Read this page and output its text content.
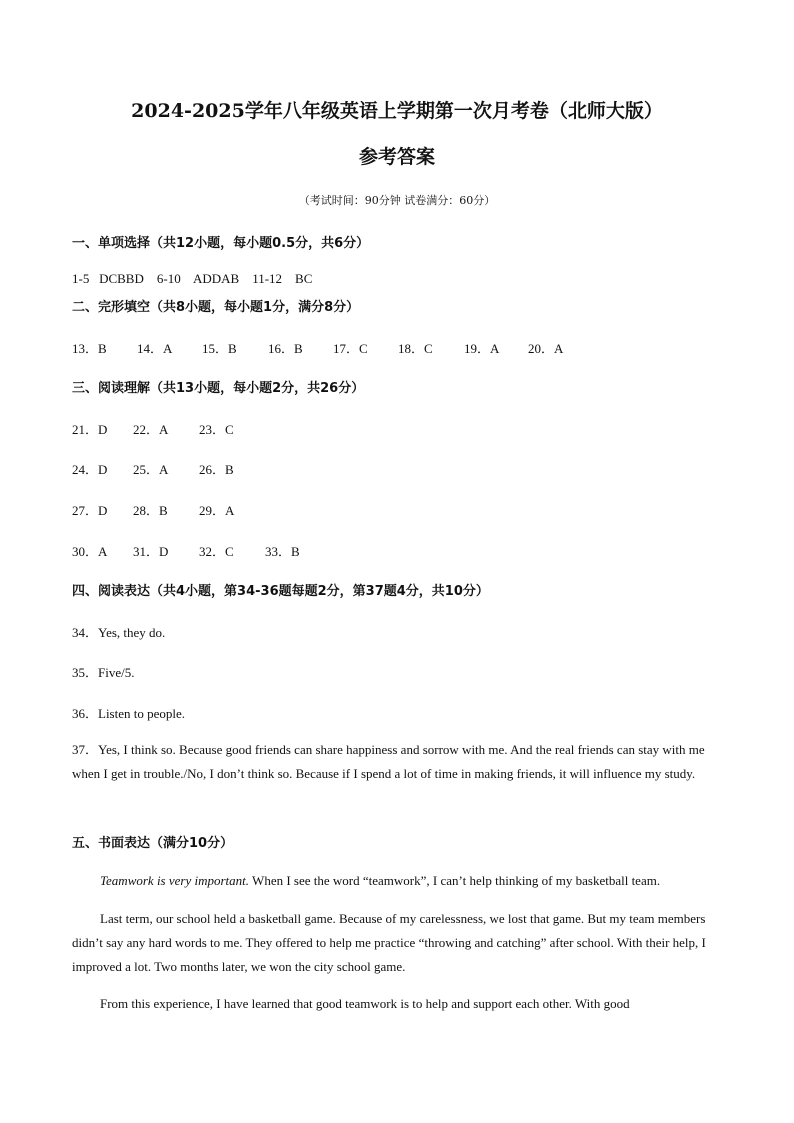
2024-2025学年八年级英语上学期第一次月考卷（北师大版）
参考答案
（考试时间：90分钟 试卷满分：60分）
一、单项选择（共12小题，每小题0.5分，共6分）
1-5   DCBBD    6-10    ADDAB    11-12    BC
二、完形填空（共8小题，每小题1分，满分8分）
13．B	14．A	15．B	16．B	17．C	18．C	19．A	20．A
三、阅读理解（共13小题，每小题2分，共26分）
21．D	22．A	23．C
24．D	25．A	26．B
27．D	28．B	29．A
30．A	31．D	32．C	33．B
四、阅读表达（共4小题，第34-36题每题2分，第37题4分，共10分）
34．Yes, they do.
35．Five/5.
36．Listen to people.
37．Yes, I think so. Because good friends can share happiness and sorrow with me. And the real friends can stay with me when I get in trouble./No, I don’t think so. Because if I spend a lot of time in making friends, it will influence my study.
五、书面表达（满分10分）
Teamwork is very important. When I see the word “teamwork”, I can’t help thinking of my basketball team.
Last term, our school held a basketball game. Because of my carelessness, we lost that game. But my team members didn’t say any hard words to me. They offered to help me practice “throwing and catching” after school. With their help, I improved a lot. Two months later, we won the city school game.
From this experience, I have learned that good teamwork is to help and support each other. With good
